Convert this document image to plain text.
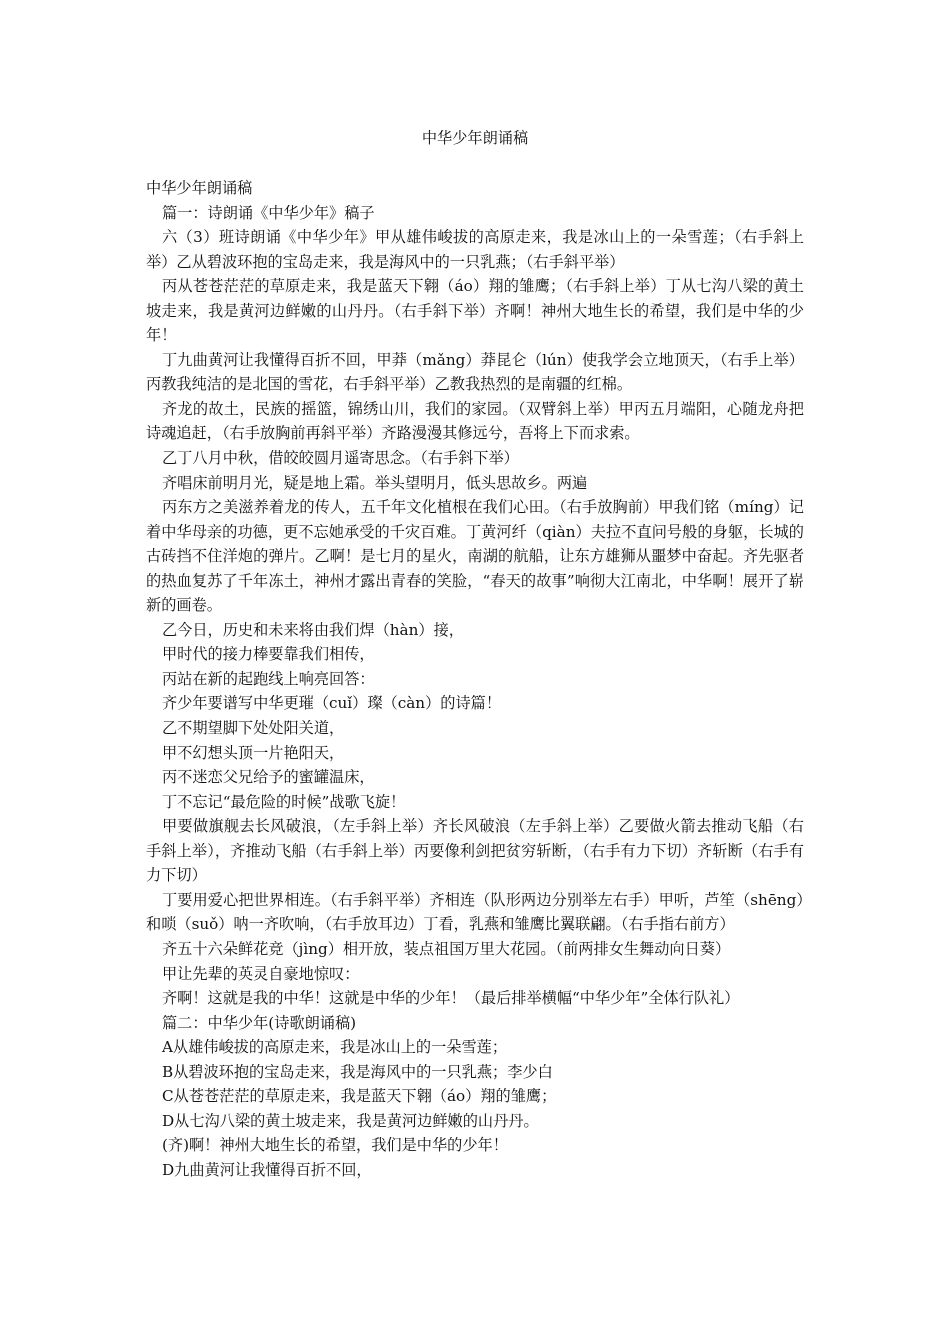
中华少年朗诵稿

中华少年朗诵稿

篇一：诗朗诵《中华少年》稿子

六（3）班诗朗诵《中华少年》甲从雄伟峻拔的高原走来，我是冰山上的一朵雪莲；（右手斜上举）乙从碧波环抱的宝岛走来，我是海风中的一只乳燕；（右手斜平举）

丙从苍苍茫茫的草原走来，我是蓝天下翱（áo）翔的雏鹰；（右手斜上举）丁从七沟八梁的黄土坡走来，我是黄河边鲜嫩的山丹丹。（右手斜下举）齐啊！神州大地生长的希望，我们是中华的少年！

丁九曲黄河让我懂得百折不回，甲莽（mǎng）莽昆仑（lún）使我学会立地顶天，（右手上举）丙教我纯洁的是北国的雪花，右手斜平举）乙教我热烈的是南疆的红棉。

齐龙的故土，民族的摇篮，锦绣山川，我们的家园。（双臂斜上举）甲丙五月端阳，心随龙舟把诗魂追赶，（右手放胸前再斜平举）齐路漫漫其修远兮，吾将上下而求索。

乙丁八月中秋，借皎皎圆月遥寄思念。（右手斜下举）

齐唱床前明月光，疑是地上霜。举头望明月，低头思故乡。两遍

丙东方之美滋养着龙的传人，五千年文化植根在我们心田。（右手放胸前）甲我们铭（míng）记着中华母亲的功德，更不忘她承受的千灾百难。丁黄河纤（qiàn）夫拉不直问号般的身躯，长城的古砖挡不住洋炮的弹片。乙啊！是七月的星火，南湖的航船，让东方雄狮从噩梦中奋起。齐先驱者的热血复苏了千年冻土，神州才露出青春的笑脸，“春天的故事”响彻大江南北，中华啊！展开了崭新的画卷。

乙今日，历史和未来将由我们焊（hàn）接，

甲时代的接力棒要靠我们相传，

丙站在新的起跑线上响亮回答：

齐少年要谱写中华更璀（cuǐ）璨（càn）的诗篇！

乙不期望脚下处处阳关道，

甲不幻想头顶一片艳阳天，

丙不迷恋父兄给予的蜜罐温床，

丁不忘记“最危险的时候”战歌飞旋！

甲要做旗舰去长风破浪，（左手斜上举）齐长风破浪（左手斜上举）乙要做火箭去推动飞船（右手斜上举），齐推动飞船（右手斜上举）丙要像利剑把贫穷斩断，（右手有力下切）齐斩断（右手有力下切）

丁要用爱心把世界相连。（右手斜平举）齐相连（队形两边分别举左右手）甲听，芦笙（shēng）和唢（suǒ）呐一齐吹响，（右手放耳边）丁看，乳燕和雏鹰比翼联翩。（右手指右前方）

齐五十六朵鲜花竞（jìng）相开放，装点祖国万里大花园。（前两排女生舞动向日葵）

甲让先辈的英灵自豪地惊叹：

齐啊！这就是我的中华！这就是中华的少年！（最后排举横幅“中华少年”全体行队礼）

篇二：中华少年(诗歌朗诵稿)

A从雄伟峻拔的高原走来，我是冰山上的一朵雪莲；

B从碧波环抱的宝岛走来，我是海风中的一只乳燕；李少白

C从苍苍茫茫的草原走来，我是蓝天下翱（áo）翔的雏鹰；

D从七沟八梁的黄土坡走来，我是黄河边鲜嫩的山丹丹。

(齐)啊！神州大地生长的希望，我们是中华的少年！

D九曲黄河让我懂得百折不回，
